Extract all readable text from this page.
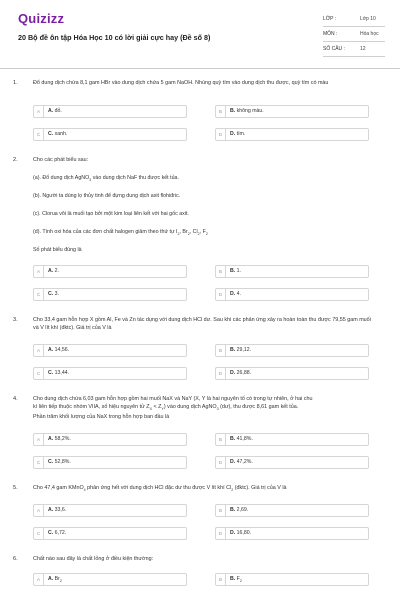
Quizizz
20 Bộ đề ôn tập Hóa Học 10 có lời giải cực hay (Đề số 8)
LỚP :	Lớp 10
MÔN :	Hóa học
SỐ CÂU :	12
1.	Đổ dung dịch chứa 8,1 gam HBr vào dung dịch chứa 5 gam NaOH. Nhúng quỳ tím vào dung dịch thu được, quỳ tím có màu
A	A. đỏ.	B	B. không màu.
C	C. xanh.	D	D. tím.
2.	Cho các phát biểu sau:
(a). Đổ dung dịch AgNO$_3$ vào dung dịch NaF thu được kết tủa.
(b). Người ta dùng lọ thủy tinh để đựng dung dịch axit flohiđric.
(c). Clorua vôi là muối tạo bởi một kim loại liên kết với hai gốc axit.
(d). Tính oxi hóa của các đơn chất halogen giảm theo thứ tự $I_2$, $Br_2$, $Cl_2$, $F_2$
Số phát biểu đúng là
A	A. 2.	B	B. 1.
C	C. 3.	D	D. 4.
3.	Cho 33,4 gam hỗn hợp X gồm Al, Fe và Zn tác dụng với dung dịch HCl dư. Sau khi các phản ứng xảy ra hoàn toàn thu được 79,55 gam muối và V lít khí (đktc). Giá trị của V là
A	A. 14,56.	B	B. 29,12.
C	C. 13,44.	D	D. 26,88.
4.	Cho dung dịch chứa 6,03 gam hỗn hợp gồm hai muối NaX và NaY (X, Y là hai nguyên tố có trong tự nhiên, ở hai chu
kì liên tiếp thuộc nhóm VIIA, số hiệu nguyên tử $Z_X < Z_Y$) vào dung dịch AgNO$_3$ (dư), thu được 8,61 gam kết tủa.
Phần trăm khối lượng của NaX trong hỗn hợp ban đầu là
A	A. 58,2%.	B	B. 41,8%.
C	C. 52,8%.	D	D. 47,2%.
5.	Cho 47,4 gam KMnO$_4$ phản ứng hết với dung dịch HCl đặc dư thu được V lít khí $Cl_2$ (đktc). Giá trị của V là
A	A. 33,6.	B	B. 2,69.
C	C. 6,72.	D	D. 16,80.
6.	Chất nào sau đây là chất lỏng ở điều kiện thường:
A	A. $Br_2$	B	B. $F_2$
